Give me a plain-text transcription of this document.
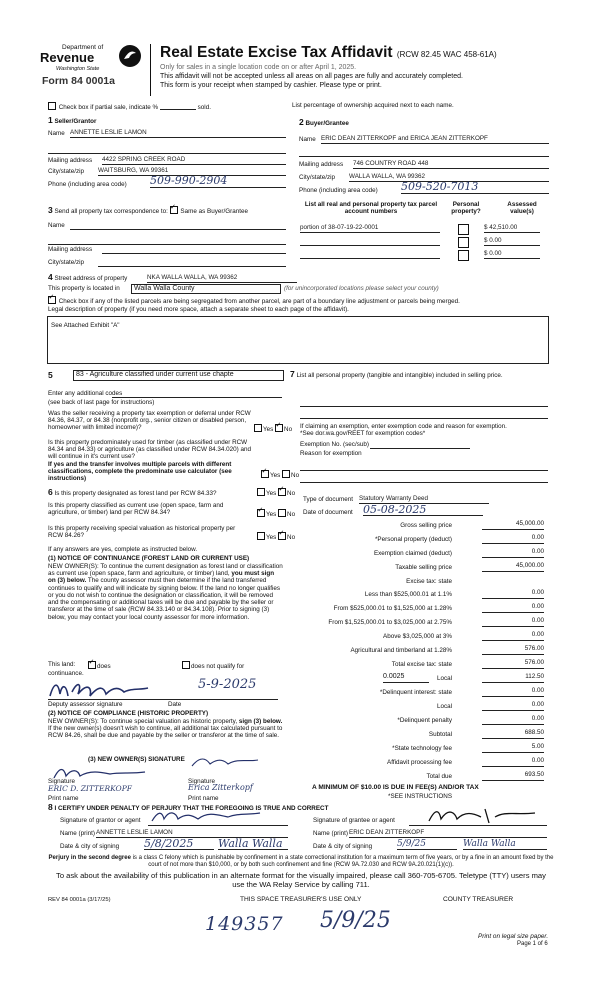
Department of
Revenue
Washington State
Form 84 0001a
Real Estate Excise Tax Affidavit (RCW 82.45 WAC 458-61A)
Only for sales in a single location code on or after April 1, 2025.
This affidavit will not be accepted unless all areas on all pages are fully and accurately completed.
This form is your receipt when stamped by cashier. Please type or print.
Check box if partial sale, indicate %	sold.	List percentage of ownership acquired next to each name.
1 Seller/Grantor
Name ANNETTE LESLIE LAMON
Mailing address 4422 SPRING CREEK ROAD
City/state/zip WAITSBURG, WA 99361
Phone (including area code) 509-990-2904
2 Buyer/Grantee
Name ERIC DEAN ZITTERKOPF and ERICA JEAN ZITTERKOPF
Mailing address 746 COUNTRY ROAD 448
City/state/zip WALLA WALLA, WA 99362
Phone (including area code) 509-520-7013
3 Send all property tax correspondence to: ✓ Same as Buyer/Grantee
Name
Mailing address
City/state/zip
List all real and personal property tax parcel account numbers
Personal property?
Assessed value(s)
portion of 38-07-19-22-0001	$ 42,510.00
$ 0.00
$ 0.00
4 Street address of property	NKA WALLA WALLA, WA 99362
This property is located in	Walla Walla County	(for unincorporated locations please select your county)
✓ Check box if any of the listed parcels are being segregated from another parcel, are part of a boundary line adjustment or parcels being merged.
Legal description of property (if you need more space, attach a separate sheet to each page of the affidavit).
See Attached Exhibit "A"
5	83 - Agriculture classified under current use chapte
Enter any additional codes
(see back of last page for instructions)
Was the seller receiving a property tax exemption or deferral under RCW 84.36, 84.37, or 84.38 (nonprofit org., senior citizen or disabled person, homeowner with limited income)?	Yes ✓ No
Is this property predominately used for timber (as classified under RCW 84.34 and 84.33) or agriculture (as classified under RCW 84.34.020) and will continue in it's current use?
If yes and the transfer involves multiple parcels with different classifications, complete the predominate use calculator (see instructions) ✓	Yes No
6 Is this property designated as forest land per RCW 84.33?	Yes ✓ No
Is this property classified as current use (open space, farm and agriculture, or timber) land per RCW 84.34? ✓	Yes No
Is this property receiving special valuation as historical property per RCW 84.26?	Yes ✓ No
If any answers are yes, complete as instructed below.
(1) NOTICE OF CONTINUANCE (FOREST LAND OR CURRENT USE)
NEW OWNER(S): To continue the current designation as forest land or classification as current use (open space, farm and agriculture, or timber) land, you must sign on (3) below. The county assessor must then determine if the land transferred continues to qualify and will indicate by signing below. If the land no longer qualifies or you do not wish to continue the designation or classification, it will be removed and the compensating or additional taxes will be due and payable by the seller or transferor at the time of sale (RCW 84.33.140 or 84.34.108). Prior to signing (3) below, you may contact your local county assessor for more information.
This land: ✓	does	does not qualify for
continuance.
5-9-2025
Deputy assessor signature	Date
(2) NOTICE OF COMPLIANCE (HISTORIC PROPERTY)
NEW OWNER(S): To continue special valuation as historic property, sign (3) below. If the new owner(s) doesn't wish to continue, all additional tax calculated pursuant to RCW 84.26, shall be due and payable by the seller or transferor at the time of sale.
(3) NEW OWNER(S) SIGNATURE
Signature	Signature
ERIC D. ZITTERKOPF	Erica Zitterkopf
Print name	Print name
7 List all personal property (tangible and intangible) included in selling price.
If claiming an exemption, enter exemption code and reason for exemption. *See dor.wa.gov/REET for exemption codes*
Exemption No. (sec/sub)
Reason for exemption
Type of document Statutory Warranty Deed
Date of document 05-08-2025
Gross selling price	45,000.00
*Personal property (deduct)	0.00
Exemption claimed (deduct)	0.00
Taxable selling price	45,000.00
Excise tax: state
Less than $525,000.01 at 1.1%	0.00
From $525,000.01 to $1,525,000 at 1.28%	0.00
From $1,525,000.01 to $3,025,000 at 2.75%	0.00
Above $3,025,000 at 3%	0.00
Agricultural and timberland at 1.28%	576.00
Total excise tax: state	576.00
0.0025	Local	112.50
*Delinquent interest: state	0.00
Local	0.00
*Delinquent penalty	0.00
Subtotal	688.50
*State technology fee	5.00
Affidavit processing fee	0.00
Total due	693.50
A MINIMUM OF $10.00 IS DUE IN FEE(S) AND/OR TAX
*SEE INSTRUCTIONS
8 I CERTIFY UNDER PENALTY OF PERJURY THAT THE FOREGOING IS TRUE AND CORRECT
Signature of grantor or agent	Signature of grantee or agent
Name (print) ANNETTE LESLIE LAMON	Name (print) ERIC DEAN ZITTERKOPF
Date & city of signing 5/8/2025	Walla Walla	Date & city of signing	5/9/25	Walla Walla
Perjury in the second degree is a class C felony which is punishable by confinement in a state correctional institution for a maximum term of five years, or by a fine in an amount fixed by the court of not more than $10,000, or by both such confinement and fine (RCW 9A.72.030 and RCW 9A.20.021(1)(c)).
To ask about the availability of this publication in an alternate format for the visually impaired, please call 360-705-6705. Teletype (TTY) users may use the WA Relay Service by calling 711.
REV 84 0001a (3/17/25)	THIS SPACE TREASURER'S USE ONLY	COUNTY TREASURER
149357 5/9/25
Print on legal size paper.
Page 1 of 6
